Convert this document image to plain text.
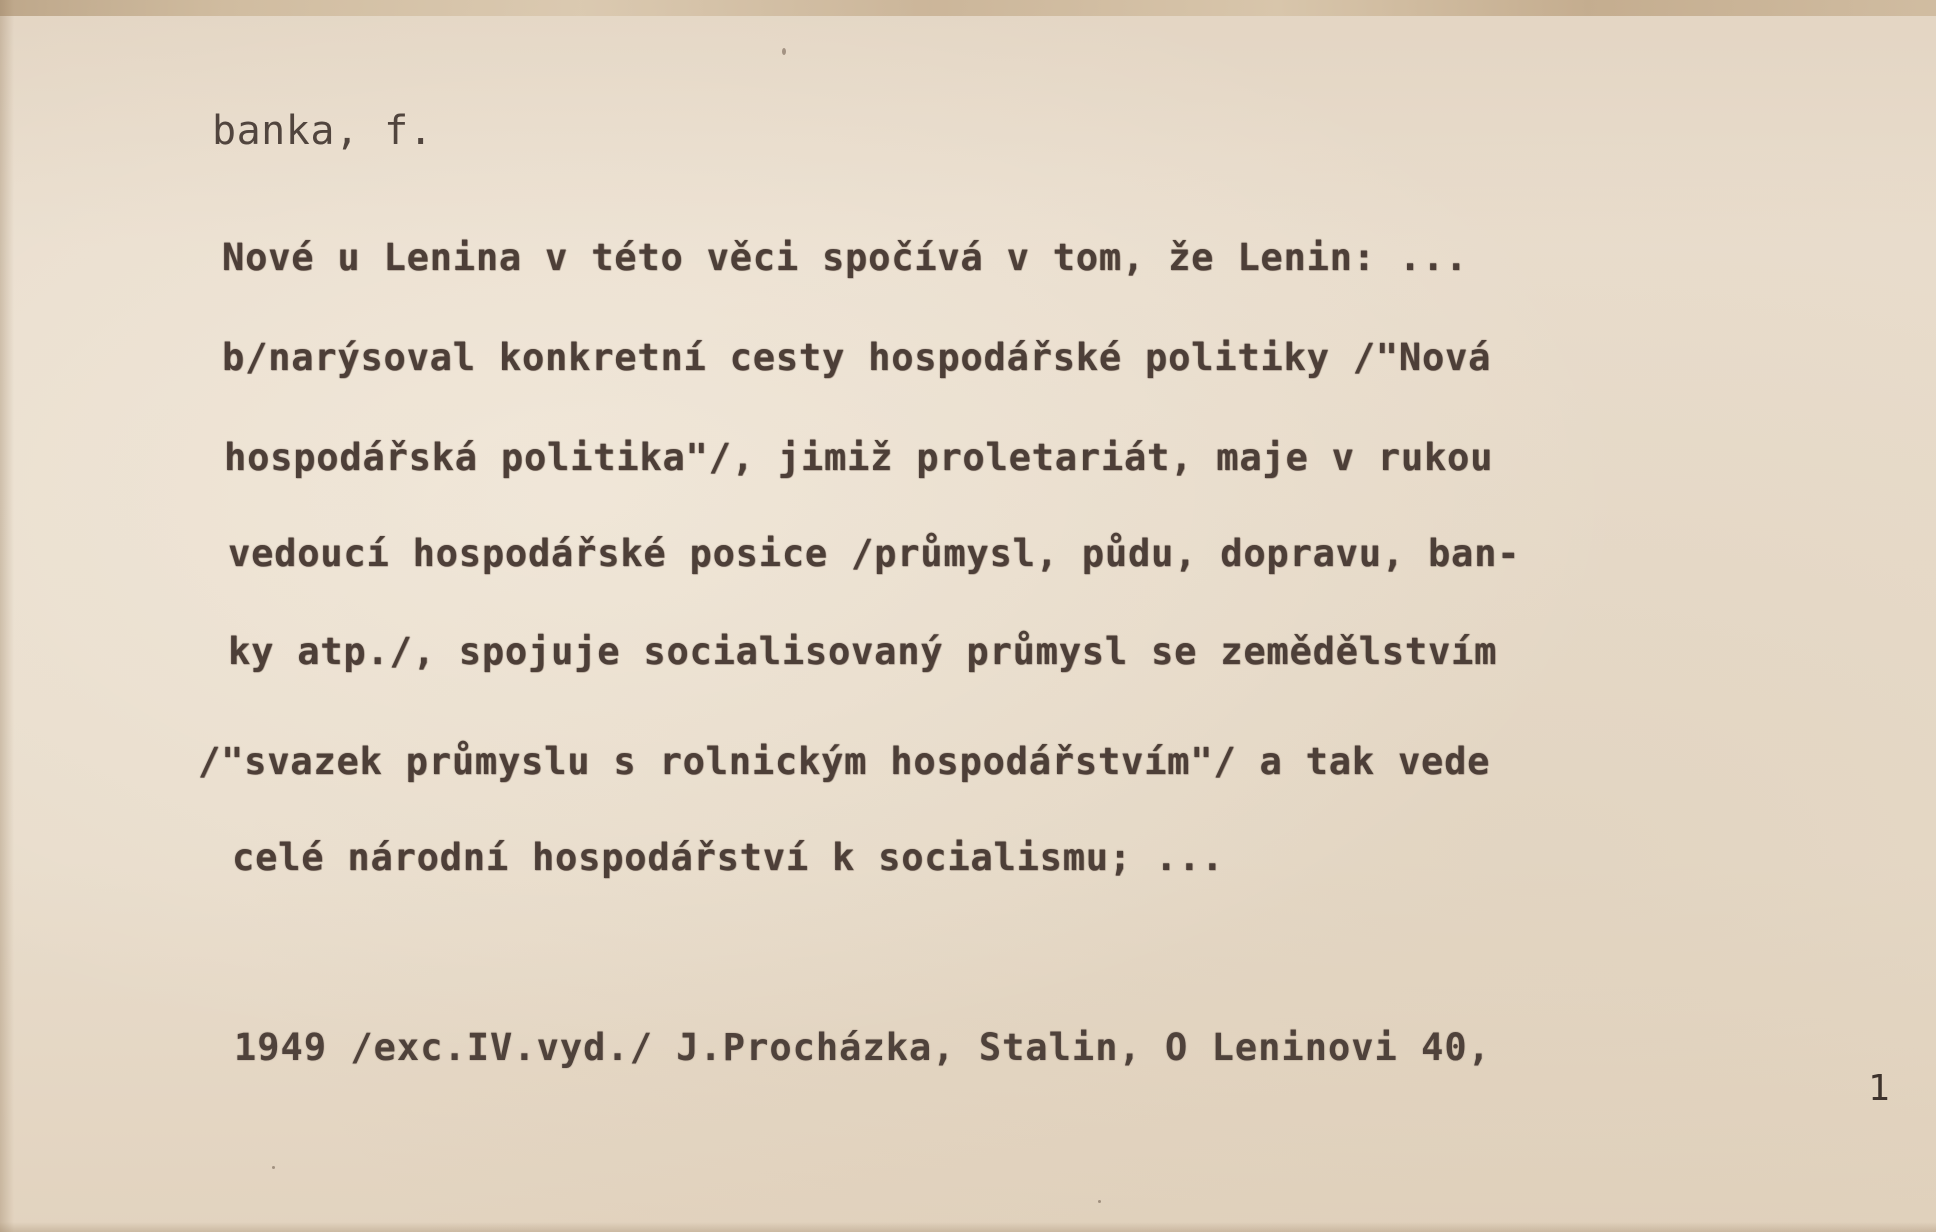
banka, f.
Nové u Lenina v této věci spočívá v tom, že Lenin: ...
b/narýsoval konkretní cesty hospodářské politiky /"Nová
hospodářská politika"/, jimiž proletariát, maje v rukou
vedoucí hospodářské posice /průmysl, půdu, dopravu, ban-
ky atp./, spojuje socialisovaný průmysl se zemědělstvím
/"svazek průmyslu s rolnickým hospodářstvím"/ a tak vede
celé národní hospodářství k socialismu; ...
1949 /exc.IV.vyd./ J.Procházka, Stalin, O Leninovi 40,
1
